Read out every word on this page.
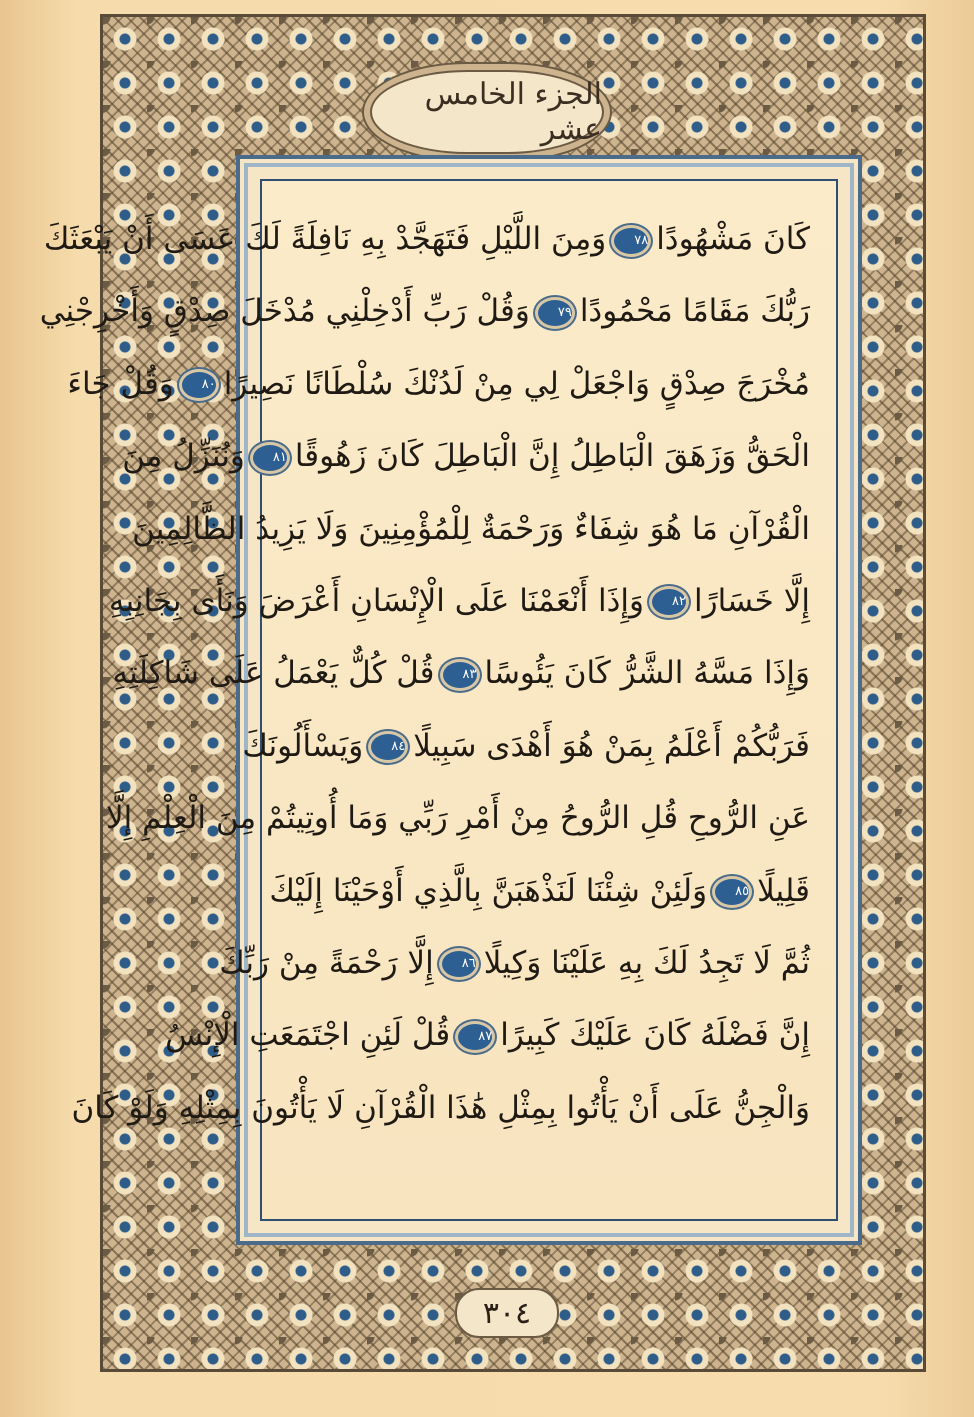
الجزء الخامس عشر
كَانَ مَشْهُودًا٧٨وَمِنَ اللَّيْلِ فَتَهَجَّدْ بِهِ نَافِلَةً لَكَ عَسَى أَنْ يَبْعَثَكَ
رَبُّكَ مَقَامًا مَحْمُودًا٧٩وَقُلْ رَبِّ أَدْخِلْنِي مُدْخَلَ صِدْقٍ وَأَخْرِجْنِي
مُخْرَجَ صِدْقٍ وَاجْعَلْ لِي مِنْ لَدُنْكَ سُلْطَانًا نَصِيرًا٨٠وَقُلْ جَاءَ
الْحَقُّ وَزَهَقَ الْبَاطِلُ إِنَّ الْبَاطِلَ كَانَ زَهُوقًا٨١وَنُنَزِّلُ مِنَ
الْقُرْآنِ مَا هُوَ شِفَاءٌ وَرَحْمَةٌ لِلْمُؤْمِنِينَ وَلَا يَزِيدُ الظَّالِمِينَ
إِلَّا خَسَارًا٨٢وَإِذَا أَنْعَمْنَا عَلَى الْإِنْسَانِ أَعْرَضَ وَنَأَى بِجَانِبِهِ
وَإِذَا مَسَّهُ الشَّرُّ كَانَ يَئُوسًا٨٣قُلْ كُلٌّ يَعْمَلُ عَلَى شَاكِلَتِهِ
فَرَبُّكُمْ أَعْلَمُ بِمَنْ هُوَ أَهْدَى سَبِيلًا٨٤وَيَسْأَلُونَكَ
عَنِ الرُّوحِ قُلِ الرُّوحُ مِنْ أَمْرِ رَبِّي وَمَا أُوتِيتُمْ مِنَ الْعِلْمِ إِلَّا
قَلِيلًا٨٥وَلَئِنْ شِئْنَا لَنَذْهَبَنَّ بِالَّذِي أَوْحَيْنَا إِلَيْكَ
ثُمَّ لَا تَجِدُ لَكَ بِهِ عَلَيْنَا وَكِيلًا٨٦إِلَّا رَحْمَةً مِنْ رَبِّكَ
إِنَّ فَضْلَهُ كَانَ عَلَيْكَ كَبِيرًا٨٧قُلْ لَئِنِ اجْتَمَعَتِ الْإِنْسُ
وَالْجِنُّ عَلَى أَنْ يَأْتُوا بِمِثْلِ هَٰذَا الْقُرْآنِ لَا يَأْتُونَ بِمِثْلِهِ وَلَوْ كَانَ
٣٠٤
